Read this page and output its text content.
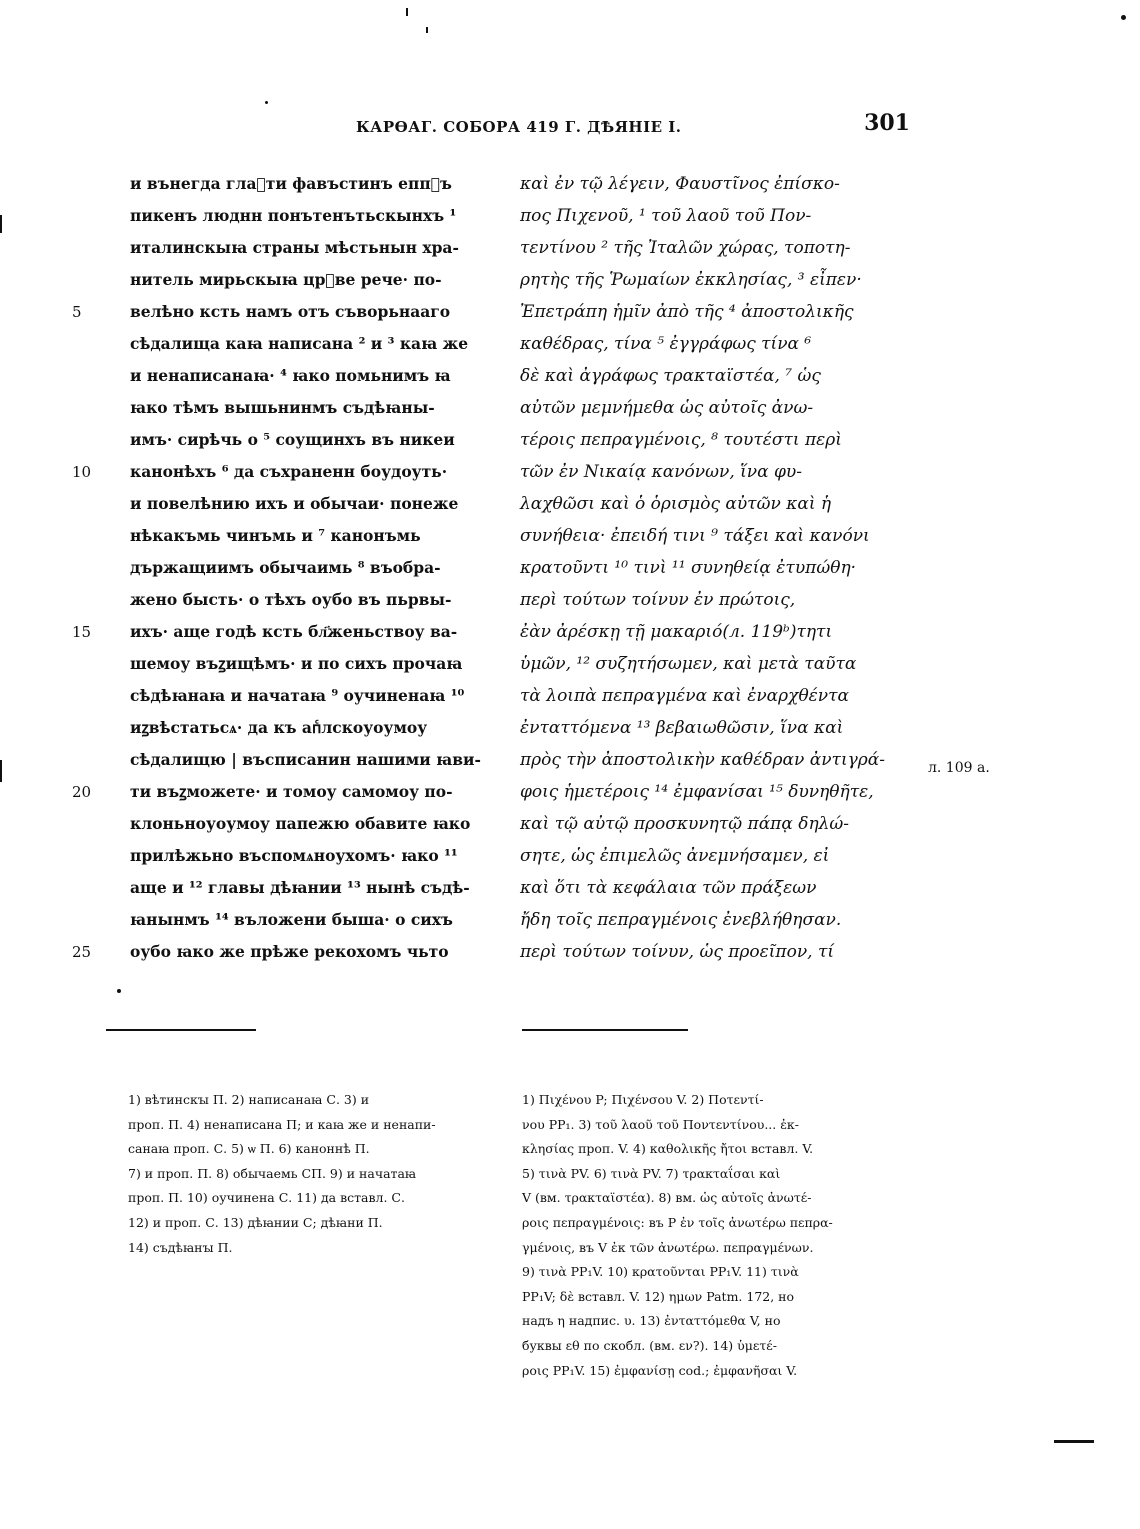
КАРѲАГ. СОБОРА 419 Г. ДѢЯНІЕ I.	301
и вънегда глаⷭти фавъстинъ еппⷭъ
пикенъ люднн понътенътьскынхъ ¹
италинскыꙗ страны мѣстьнын хра-
нитель мирьскыꙗ црⷦве рече· по-
5	велѣно ксть намъ отъ съворьнааго
сѣдалища каꙗ написана ² и ³ каꙗ же
и ненаписанаꙗ· ⁴ ꙗко помьнимъ ꙗ
ꙗко тѣмъ вышьнинмъ съдѣꙗны-
имъ· сирѣчь о ⁵ соущинхъ въ никеи
10	канонѣхъ ⁶ да съхраненн боудоуть·
и повелѣнию ихъ и обычаи· понеже
нѣкакъмь чинъмь и ⁷ канонъмь
държащиимъ обычаимь ⁸ въобра-
жено бысть· о тѣхъ оубо въ пьрвы-
15	ихъ· аще годѣ ксть бл҃женьствоу ва-
шемоу въꙁищѣмъ· и по сихъ прочаꙗ
сѣдѣꙗнаꙗ и начатаꙗ ⁹ оучиненаꙗ ¹⁰
иꙁвѣстатьсѧ· да къ апⷭлскоуоумоу
сѣдалищю | въсписанин нашими ꙗви-
20	ти въꙁможете· и томоу самомоу по-
клоньноуоумоу папежю обавите ꙗко
прилѣжьно въспомѧноухомъ· ꙗко ¹¹
аще и ¹² главы дѣꙗнии ¹³ нынѣ съдѣ-
ꙗнынмъ ¹⁴ въложени быша· о сихъ
25	оубо ꙗко же прѣже рекохомъ чьто
καὶ ἐν τῷ λέγειν, Φαυστῖνος ἐπίσκο-
πος Πιχενοῦ, ¹ τοῦ λαοῦ τοῦ Πον-
τεντίνου ² τῆς Ἰταλῶν χώρας, τοποτη-
ρητὴς τῆς Ῥωμαίων ἐκκλησίας, ³ εἶπεν·
Ἐπετράπη ἡμῖν ἀπὸ τῆς ⁴ ἀποστολικῆς
καθέδρας, τίνα ⁵ ἐγγράφως τίνα ⁶
δὲ καὶ ἀγράφως τρακταϊστέα, ⁷ ὡς
αὐτῶν μεμνήμεθα ὡς αὐτοῖς ἀνω-
τέροις πεπραγμένοις, ⁸ τουτέστι περὶ
τῶν ἐν Νικαίᾳ κανόνων, ἵνα φυ-
λαχθῶσι καὶ ὁ ὁρισμὸς αὐτῶν καὶ ἡ
συνήθεια· ἐπειδή τινι ⁹ τάξει καὶ κανόνι
κρατοῦντι ¹⁰ τινὶ ¹¹ συνηθείᾳ ἐτυπώθη·
περὶ τούτων τοίνυν ἐν πρώτοις,
ἐὰν ἀρέσκῃ τῇ μακαριό(л. 119ᵇ)τητι
ὑμῶν, ¹² συζητήσωμεν, καὶ μετὰ ταῦτα
τὰ λοιπὰ πεπραγμένα καὶ ἐναρχθέντα
ἐνταττόμενα ¹³ βεβαιωθῶσιν, ἵνα καὶ
πρὸς τὴν ἀποστολικὴν καθέδραν ἀντιγρά-
φοις ἡμετέροις ¹⁴ ἐμφανίσαι ¹⁵ δυνηθῆτε,
καὶ τῷ αὐτῷ προσκυνητῷ πάπᾳ δηλώ-
σητε, ὡς ἐπιμελῶς ἀνεμνήσαμεν, εἰ
καὶ ὅτι τὰ κεφάλαια τῶν πράξεων
ἤδη τοῖς πεπραγμένοις ἐνεβλήθησαν.
περὶ τούτων τοίνυν, ὡς προεῖπον, τί
л. 109 а.
1) вѣтинскꙑ П. 2) написанаꙗ С. 3) и
проп. П. 4) ненаписана П; и каꙗ же и ненапи-
санаꙗ проп. С. 5) ѡ П. 6) каноннѣ П.
7) и проп. П. 8) обычаемь СП. 9) и начатаꙗ
проп. П. 10) оучинена С. 11) да вставл. С.
12) и проп. С. 13) дѣꙗнии С; дѣꙗни П.
14) съдѣꙗнꙑ П.
1) Πιχένου P; Πιχένσου V. 2) Ποτεντί-
νου PP₁. 3) τοῦ λαοῦ τοῦ Ποντεντίνου... ἐκ-
κλησίας проп. V. 4) καθολικῆς ἤτοι вставл. V.
5) τινὰ PV. 6) τινὰ PV. 7) τρακταΐσαι καὶ
V (вм. τρακταϊστέα). 8) вм. ὡς αὐτοῖς ἀνωτέ-
ροις πεπραγμένοις: въ P ἐν τοῖς ἀνωτέρω πεπρα-
γμένοις, въ V ἐκ τῶν ἀνωτέρω. πεπραγμένων.
9) τινὰ PP₁V. 10) κρατοῦνται PP₁V. 11) τινὰ
PP₁V; δὲ вставл. V. 12) ημων Patm. 172, но
надъ η надпис. υ. 13) ἐνταττόμεθα V, но
буквы εθ по скобл. (вм. εν?). 14) ὑμετέ-
ροις PP₁V. 15) ἐμφανίσῃ cod.; ἐμφανῆσαι V.
